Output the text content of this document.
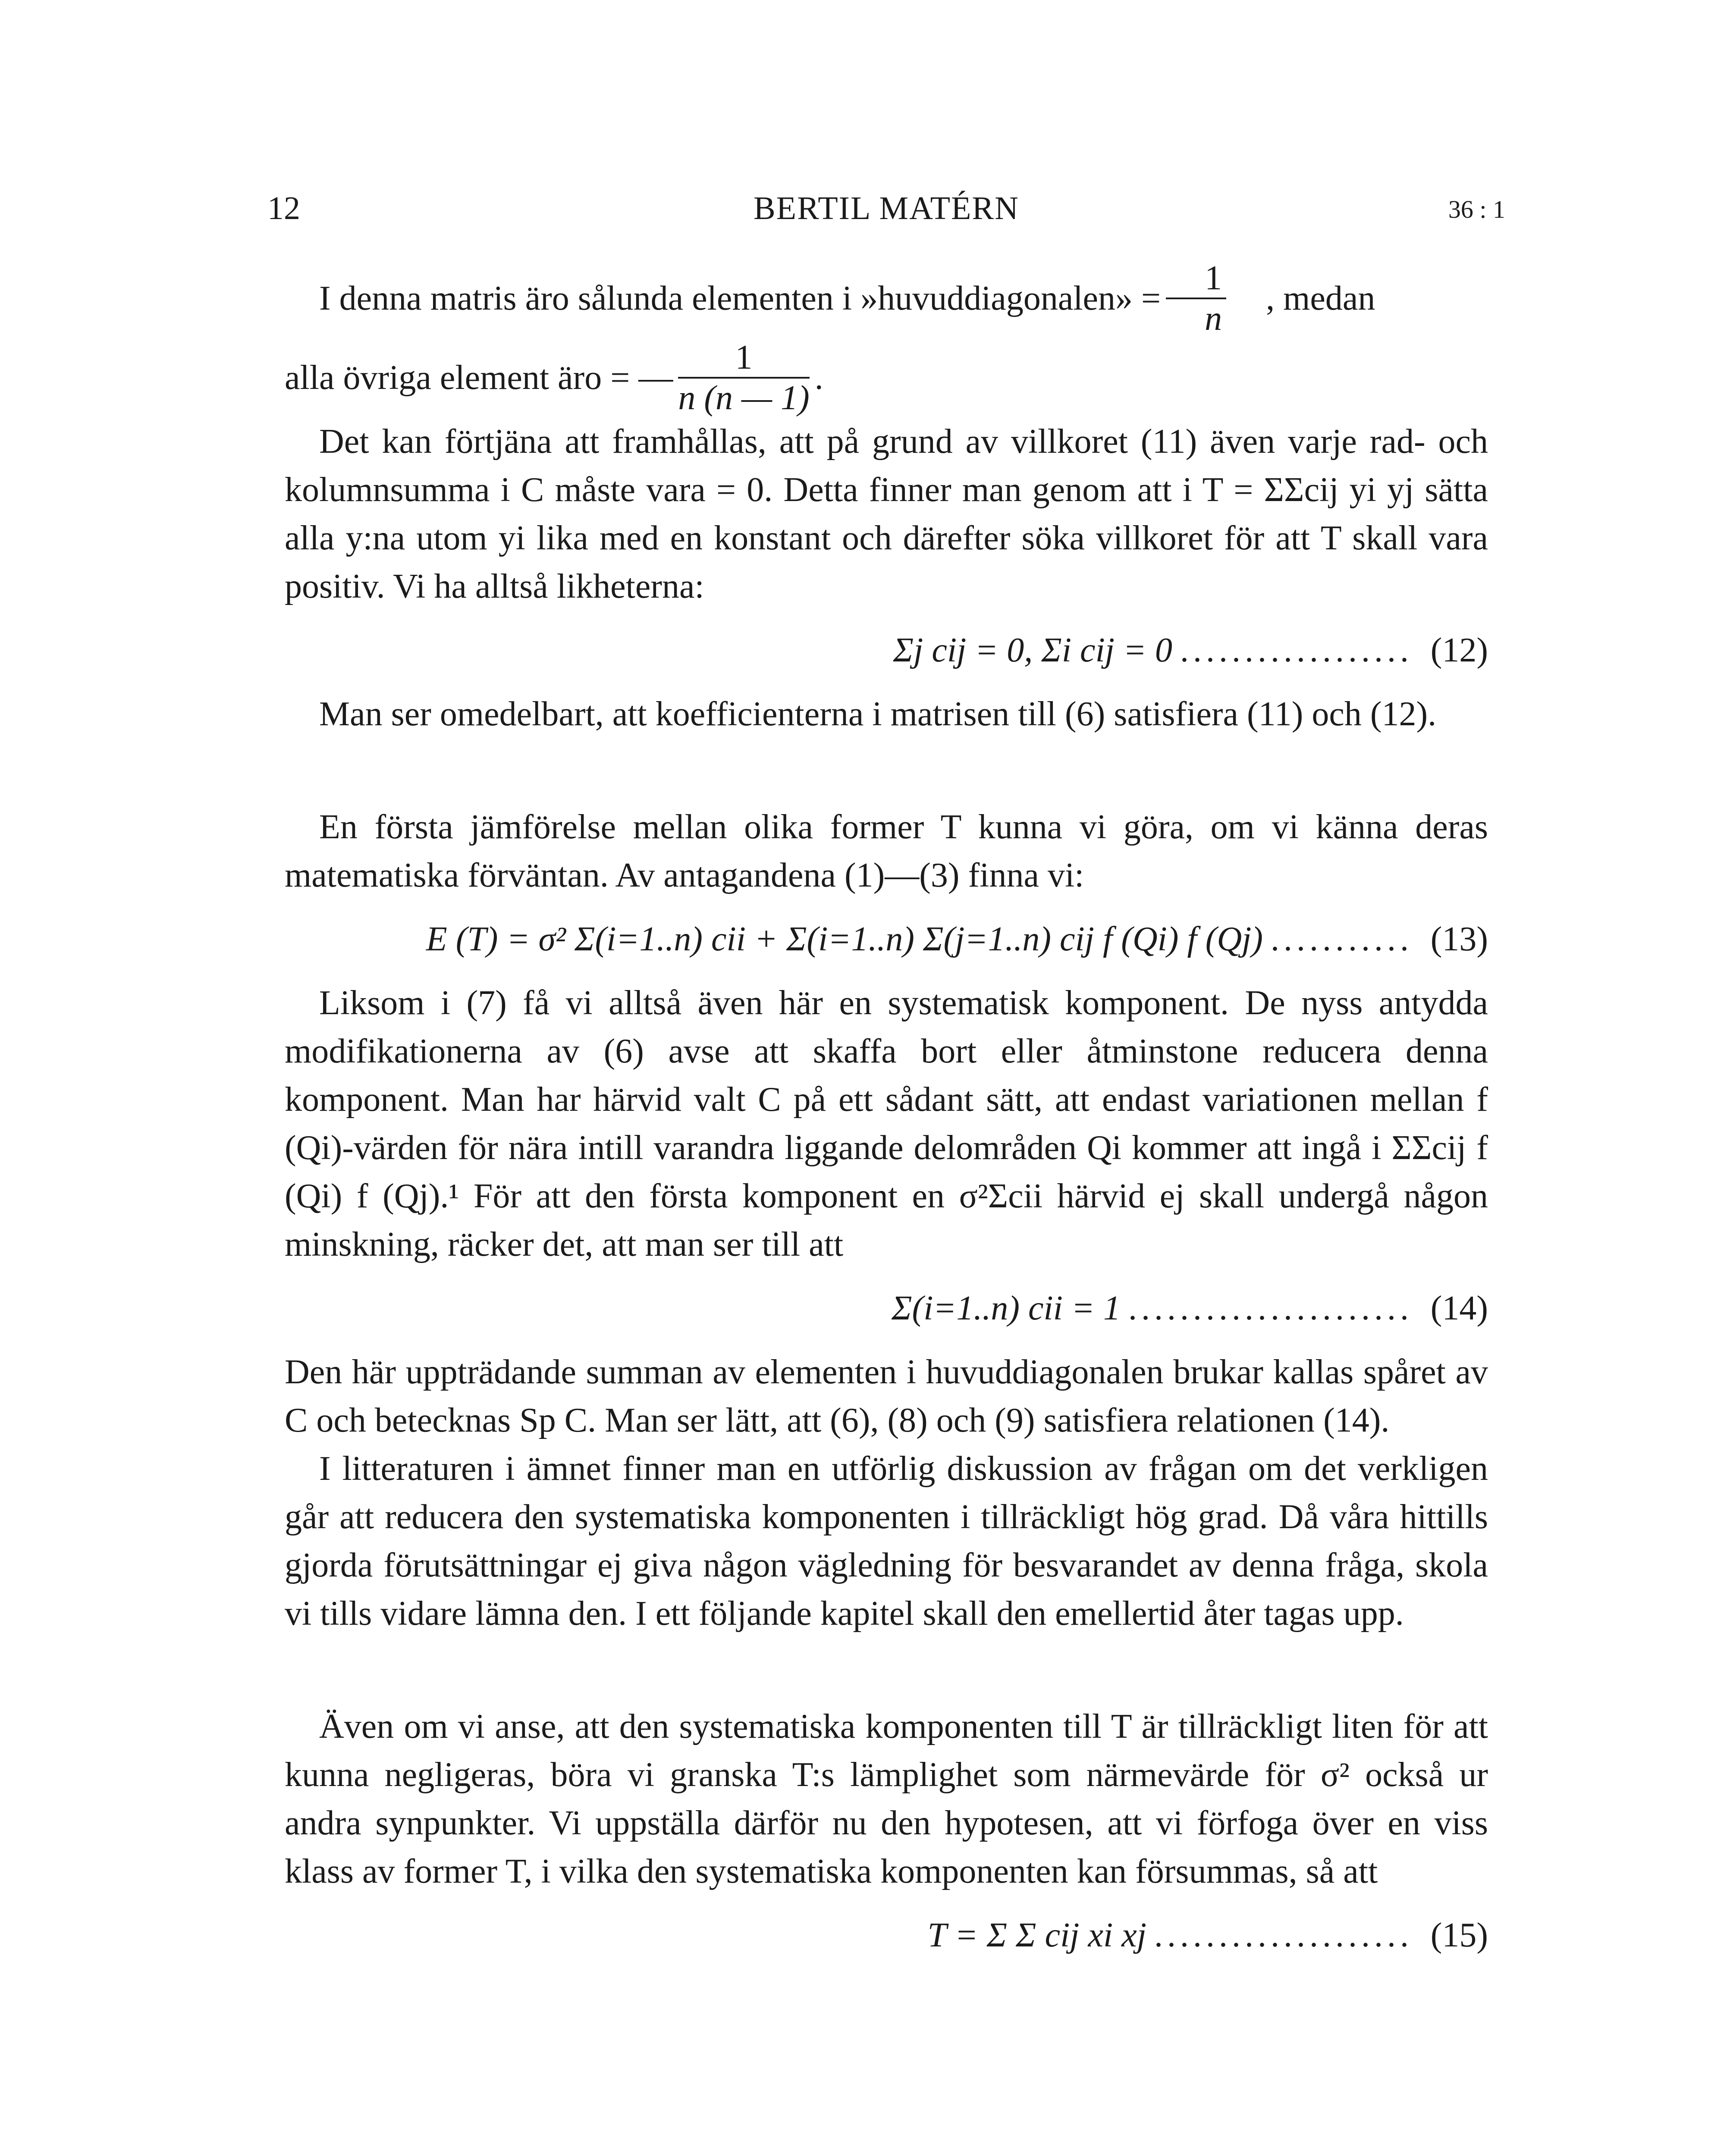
12	BERTIL MATÉRN	36 : 1

I denna matris äro sålunda elementen i »huvuddiagonalen» = $\frac{1}{n}$	, medan

alla övriga element äro = — $\frac{1}{n (n — 1)}$ .

Det kan förtjäna att framhållas, att på grund av villkoret (11) även varje rad- och kolumnsumma i C måste vara = 0. Detta finner man genom att i T = ΣΣcij yi yj sätta alla y:na utom yi lika med en konstant och därefter söka villkoret för att T skall vara positiv. Vi ha alltså likheterna:

Σj cij = 0, Σi cij = 0 .................. (12)

Man ser omedelbart, att koefficienterna i matrisen till (6) satisfiera (11) och (12).

En första jämförelse mellan olika former T kunna vi göra, om vi känna deras matematiska förväntan. Av antagandena (1)—(3) finna vi:

E (T) = σ² Σ(i=1..n) cii + Σ(i=1..n) Σ(j=1..n) cij f (Qi) f (Qj) ........... (13)

Liksom i (7) få vi alltså även här en systematisk komponent. De nyss antydda modifikationerna av (6) avse att skaffa bort eller åtminstone reducera denna komponent. Man har härvid valt C på ett sådant sätt, att endast variationen mellan f (Qi)-värden för nära intill varandra liggande delområden Qi kommer att ingå i ΣΣcij f (Qi) f (Qj).¹ För att den första komponent en σ²Σcii härvid ej skall undergå någon minskning, räcker det, att man ser till att

Σ(i=1..n) cii = 1 ...................... (14)

Den här uppträdande summan av elementen i huvuddiagonalen brukar kallas spåret av C och betecknas Sp C. Man ser lätt, att (6), (8) och (9) satisfiera relationen (14).

I litteraturen i ämnet finner man en utförlig diskussion av frågan om det verkligen går att reducera den systematiska komponenten i tillräckligt hög grad. Då våra hittills gjorda förutsättningar ej giva någon vägledning för besvarandet av denna fråga, skola vi tills vidare lämna den. I ett följande kapitel skall den emellertid åter tagas upp.

Även om vi anse, att den systematiska komponenten till T är tillräckligt liten för att kunna negligeras, böra vi granska T:s lämplighet som närmevärde för σ² också ur andra synpunkter. Vi uppställa därför nu den hypotesen, att vi förfoga över en viss klass av former T, i vilka den systematiska komponenten kan försummas, så att

T = Σ Σ cij xi xj .................... (15)
